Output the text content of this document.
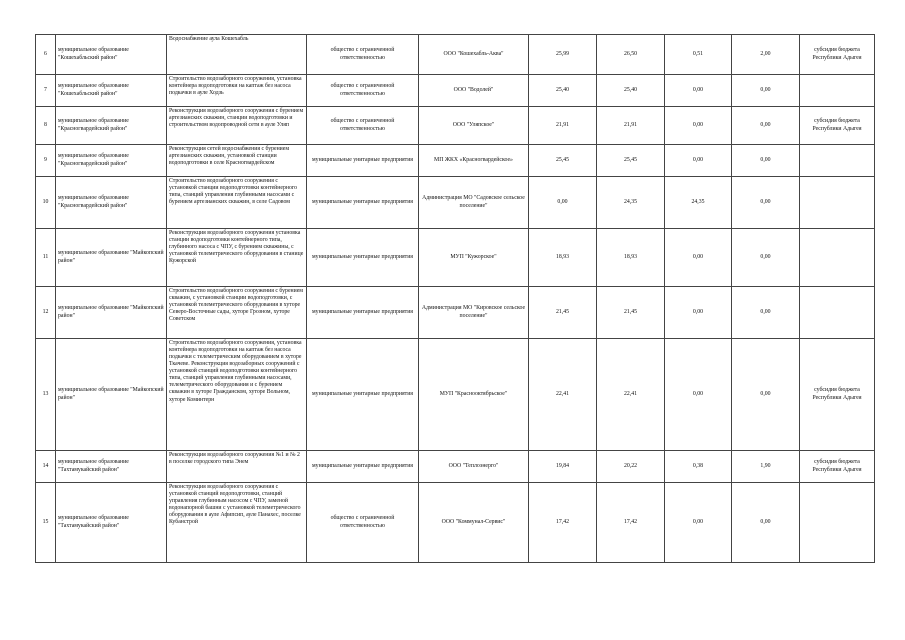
6	муниципальное образование "Кошехабльский район"	Водоснабжение аула Кошехабль	общество с ограниченной ответственностью	ООО "Кошехабль-Аква"	25,99	26,50	0,51	2,00	субсидия бюджета Республики Адыгея
7	муниципальное образование "Кошехабльский район"	Строительство водозаборного сооружения, установка контейнера водоподготовки на каптаж без насоса подкачки в ауле Ходзь	общество с ограниченной ответственностью	ООО "Водолей"	25,40	25,40	0,00	0,00	
8	муниципальное образование "Красногвардейский район"	Реконструкция водозаборного сооружения с бурением артезианских скважин, станции водоподготовки и строительством водопроводной сети в ауле Уляп	общество с ограниченной ответственностью	ООО "Уляпское"	21,91	21,91	0,00	0,00	субсидия бюджета Республики Адыгея
9	муниципальное образование "Красногвардейский район"	Реконструкция сетей водоснабжения с бурением артезианских скважин, установкой станции водоподготовки в селе Красногвардейском	муниципальные унитарные предприятия	МП ЖКХ «Красногвардейское»	25,45	25,45	0,00	0,00	
10	муниципальное образование "Красногвардейский район"	Строительство водозаборного сооружения с установкой станции водоподготовки контейнерного типа, станций управления глубинными насосами с бурением артезианских скважин, в селе Садовом	муниципальные унитарные предприятия	Администрация МО "Садовское сельское поселение"	0,00	24,35	24,35	0,00	
11	муниципальное образование "Майкопский район"	Реконструкция водозаборного сооружения установка станции водоподготовки контейнерного типа, глубинного насоса с ЧПУ, с бурением скважины, с установкой телеметрического оборудования в станице Кужорской	муниципальные унитарные предприятия	МУП "Кужорское"	18,93	18,93	0,00	0,00	
12	муниципальное образование "Майкопский район"	Строительство водозаборного сооружения с бурением скважин, с установкой станции водоподготовки, с установкой телеметрического оборудования в хуторе Северо-Восточные сады, хуторе Грозном, хуторе Советском	муниципальные унитарные предприятия	Администрация МО "Кировское сельское поселение"	21,45	21,45	0,00	0,00	
13	муниципальное образование "Майкопский район"	Строительство водозаборного сооружения, установка контейнера водоподготовки на каптаж без насоса подкачки с телеметрическим оборудованием в хуторе Ткачеве. Реконструкция водозаборных сооружений с установкой станций водоподготовки контейнерного типа, станций управления глубинными насосами, телеметрического оборудования и с бурением скважин в хуторе Гражданском, хуторе Вольном, хуторе Коминтерн	муниципальные унитарные предприятия	МУП "Краснооктябрьское"	22,41	22,41	0,00	0,00	субсидия бюджета Республики Адыгея
14	муниципальное образование "Тахтамукайский район"	Реконструкция водозаборного сооружения №1 и № 2 в поселке городского типа Энем	муниципальные унитарные предприятия	ООО "Теплоэнерго"	19,84	20,22	0,38	1,90	субсидия бюджета Республики Адыгея
15	муниципальное образование "Тахтамукайский район"	Реконструкция водозаборного сооружения с установкой станций водоподготовки, станций управления глубинным насосом с ЧПУ, заменой водонапорной башни с установкой телеметрического оборудования в ауле Афипсип, ауле Панахес, поселке Кубанстрой	общество с ограниченной ответственностью	ООО "Коммунал-Сервис"	17,42	17,42	0,00	0,00	
